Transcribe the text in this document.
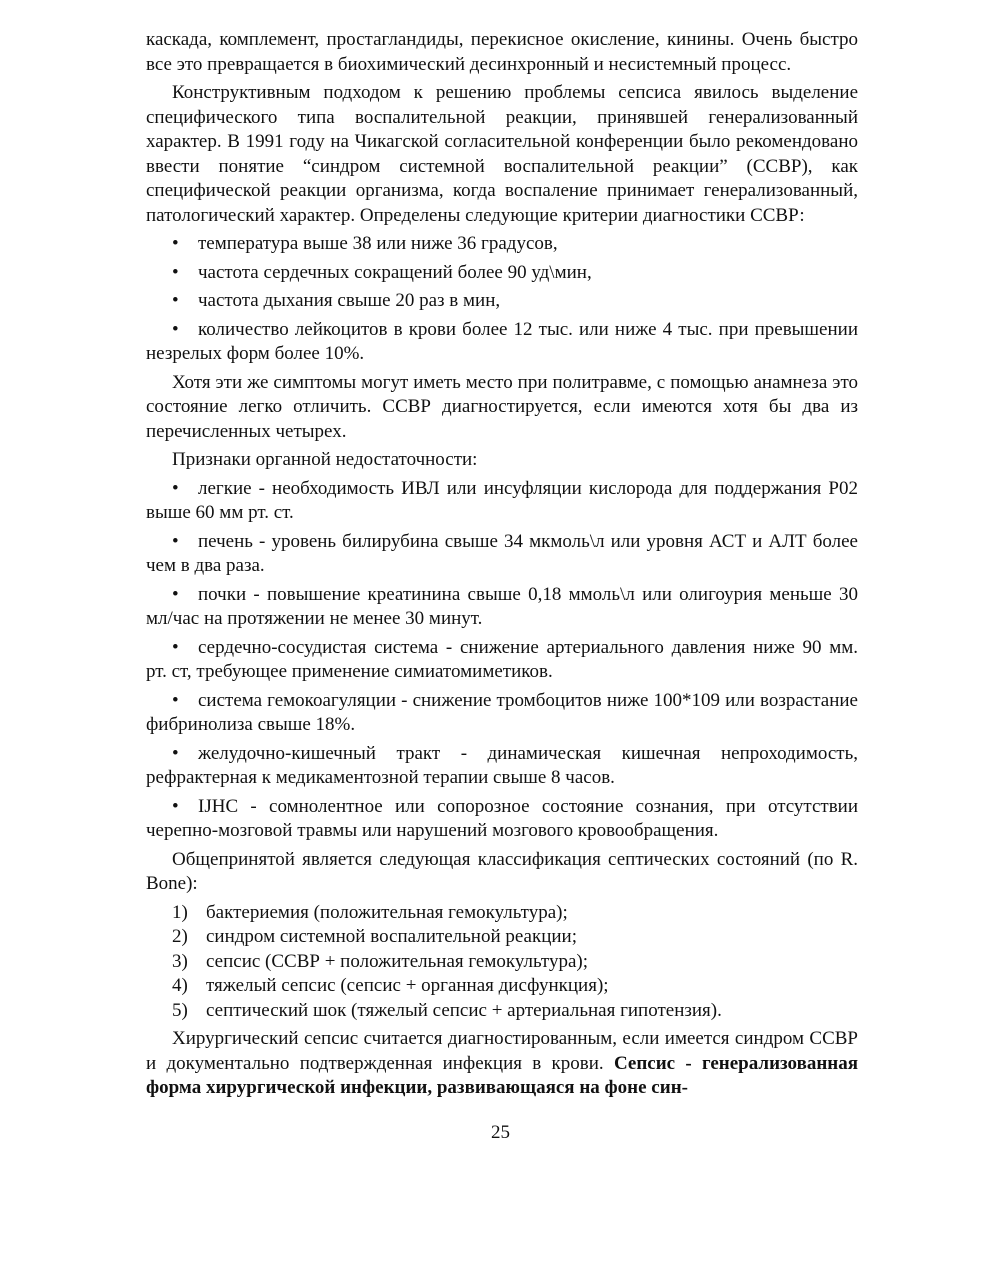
каскада, комплемент, простагландиды, перекисное окисление, кинины. Очень быстро все это превращается в биохимический десинхронный и несистемный процесс.

Конструктивным подходом к решению проблемы сепсиса явилось выделение специфического типа воспалительной реакции, принявшей генерализованный характер. В 1991 году на Чикагской согласительной конференции было рекомендовано ввести понятие “синдром системной воспалительной реакции” (ССВР), как специфической реакции организма, когда воспаление принимает генерализованный, патологический характер. Определены следующие критерии диагностики ССВР:

• температура выше 38 или ниже 36 градусов,

• частота сердечных сокращений более 90 уд\мин,

• частота дыхания свыше 20 раз в мин,

• количество лейкоцитов в крови более 12 тыс. или ниже 4 тыс. при превышении незрелых форм более 10%.

Хотя эти же симптомы могут иметь место при политравме, с помощью анамнеза это состояние легко отличить. ССВР диагностируется, если имеются хотя бы два из перечисленных четырех.

Признаки органной недостаточности:

• легкие - необходимость ИВЛ или инсуфляции кислорода для поддержания Р02 выше 60 мм рт. ст.

• печень - уровень билирубина свыше 34 мкмоль\л или уровня АСТ и АЛТ более чем в два раза.

• почки - повышение креатинина свыше 0,18 ммоль\л или олигоурия меньше 30 мл/час на протяжении не менее 30 минут.

• сердечно-сосудистая система - снижение артериального давления ниже 90 мм. рт. ст, требующее применение симиатомиметиков.

• система гемокоагуляции - снижение тромбоцитов ниже 100*109 или возрастание фибринолиза свыше 18%.

• желудочно-кишечный тракт - динамическая кишечная непроходимость, рефрактерная к медикаментозной терапии свыше 8 часов.

• IJHC - сомнолентное или сопорозное состояние сознания, при отсутствии черепно-мозговой травмы или нарушений мозгового кровообращения.

Общепринятой является следующая классификация септических состояний (по R. Bone):

1) бактериемия (положительная гемокультура);

2) синдром системной воспалительной реакции;

3) сепсис (ССВР + положительная гемокультура);

4) тяжелый сепсис (сепсис + органная дисфункция);

5) септический шок (тяжелый сепсис + артериальная гипотензия).

Хирургический сепсис считается диагностированным, если имеется синдром ССВР и документально подтвержденная инфекция в крови. Сепсис - генерализованная форма хирургической инфекции, развивающаяся на фоне син-

25
